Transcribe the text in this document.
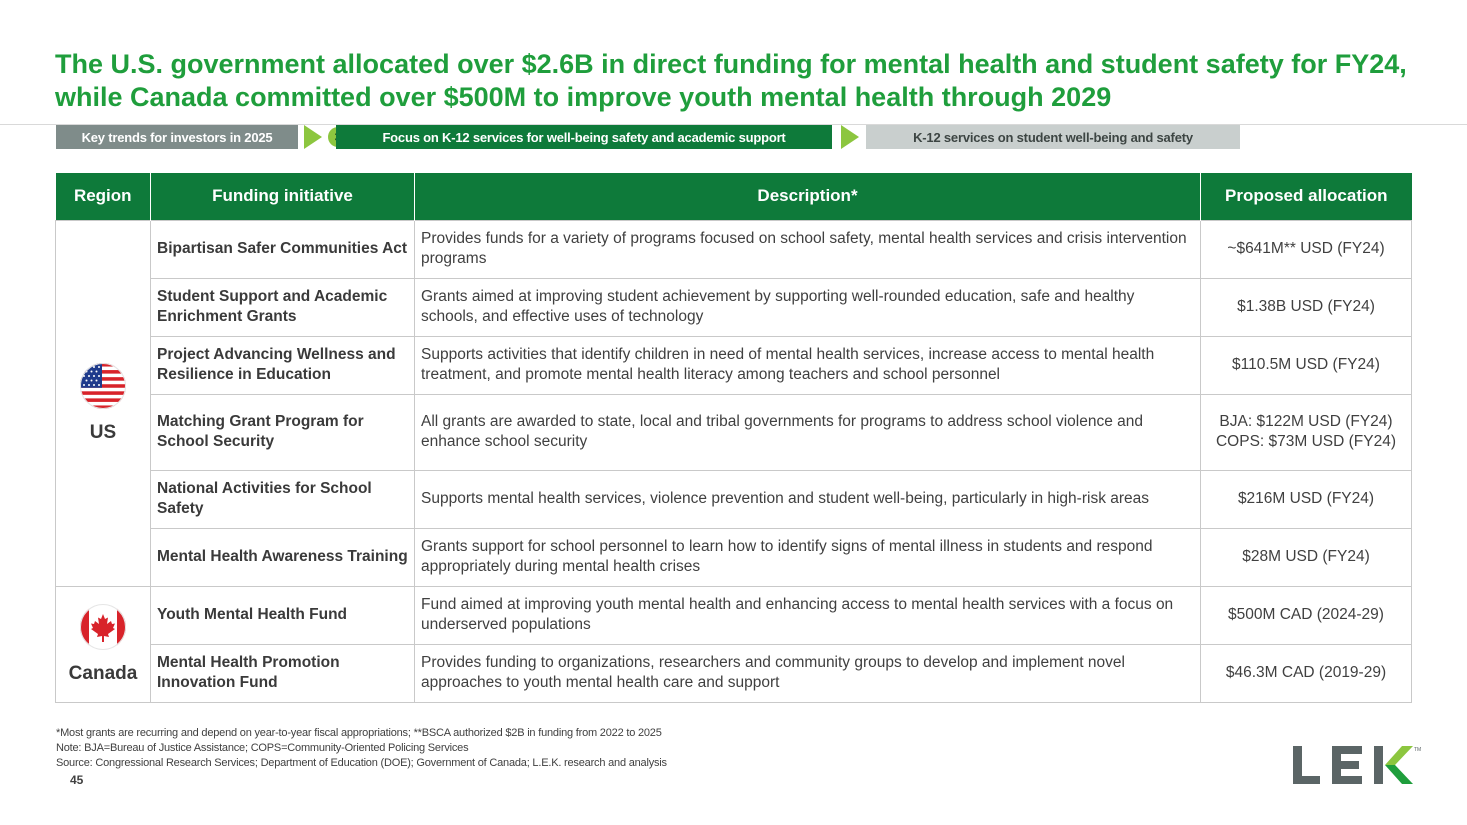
The U.S. government allocated over $2.6B in direct funding for mental health and student safety for FY24, while Canada committed over $500M to improve youth mental health through 2029
Key trends for investors in 2025	Focus on K-12 services for well-being safety and academic support	K-12 services on student well-being and safety
Region	Funding initiative	Description*	Proposed allocation

US	Bipartisan Safer Communities Act	Provides funds for a variety of programs focused on school safety, mental health services and crisis intervention programs	~$641M** USD (FY24)
	Student Support and Academic Enrichment Grants	Grants aimed at improving student achievement by supporting well-rounded education, safe and healthy schools, and effective uses of technology	$1.38B USD (FY24)
	Project Advancing Wellness and Resilience in Education	Supports activities that identify children in need of mental health services, increase access to mental health treatment, and promote mental health literacy among teachers and school personnel	$110.5M USD (FY24)
	Matching Grant Program for School Security	All grants are awarded to state, local and tribal governments for programs to address school violence and enhance school security	BJA: $122M USD (FY24)
COPS: $73M USD (FY24)

	National Activities for School Safety	Supports mental health services, violence prevention and student well-being, particularly in high-risk areas	$216M USD (FY24)
	Mental Health Awareness Training	Grants support for school personnel to learn how to identify signs of mental illness in students and respond appropriately during mental health crises	$28M USD (FY24)

Canada	Youth Mental Health Fund	Fund aimed at improving youth mental health and enhancing access to mental health services with a focus on underserved populations	$500M CAD (2024-29)
	Mental Health Promotion Innovation Fund	Provides funding to organizations, researchers and community groups to develop and implement novel approaches to youth mental health care and support	$46.3M CAD (2019-29)
*Most grants are recurring and depend on year-to-year fiscal appropriations; **BSCA authorized $2B in funding from 2022 to 2025
Note: BJA=Bureau of Justice Assistance; COPS=Community-Oriented Policing Services
Source: Congressional Research Services; Department of Education (DOE); Government of Canada; L.E.K. research and analysis
45
TM
